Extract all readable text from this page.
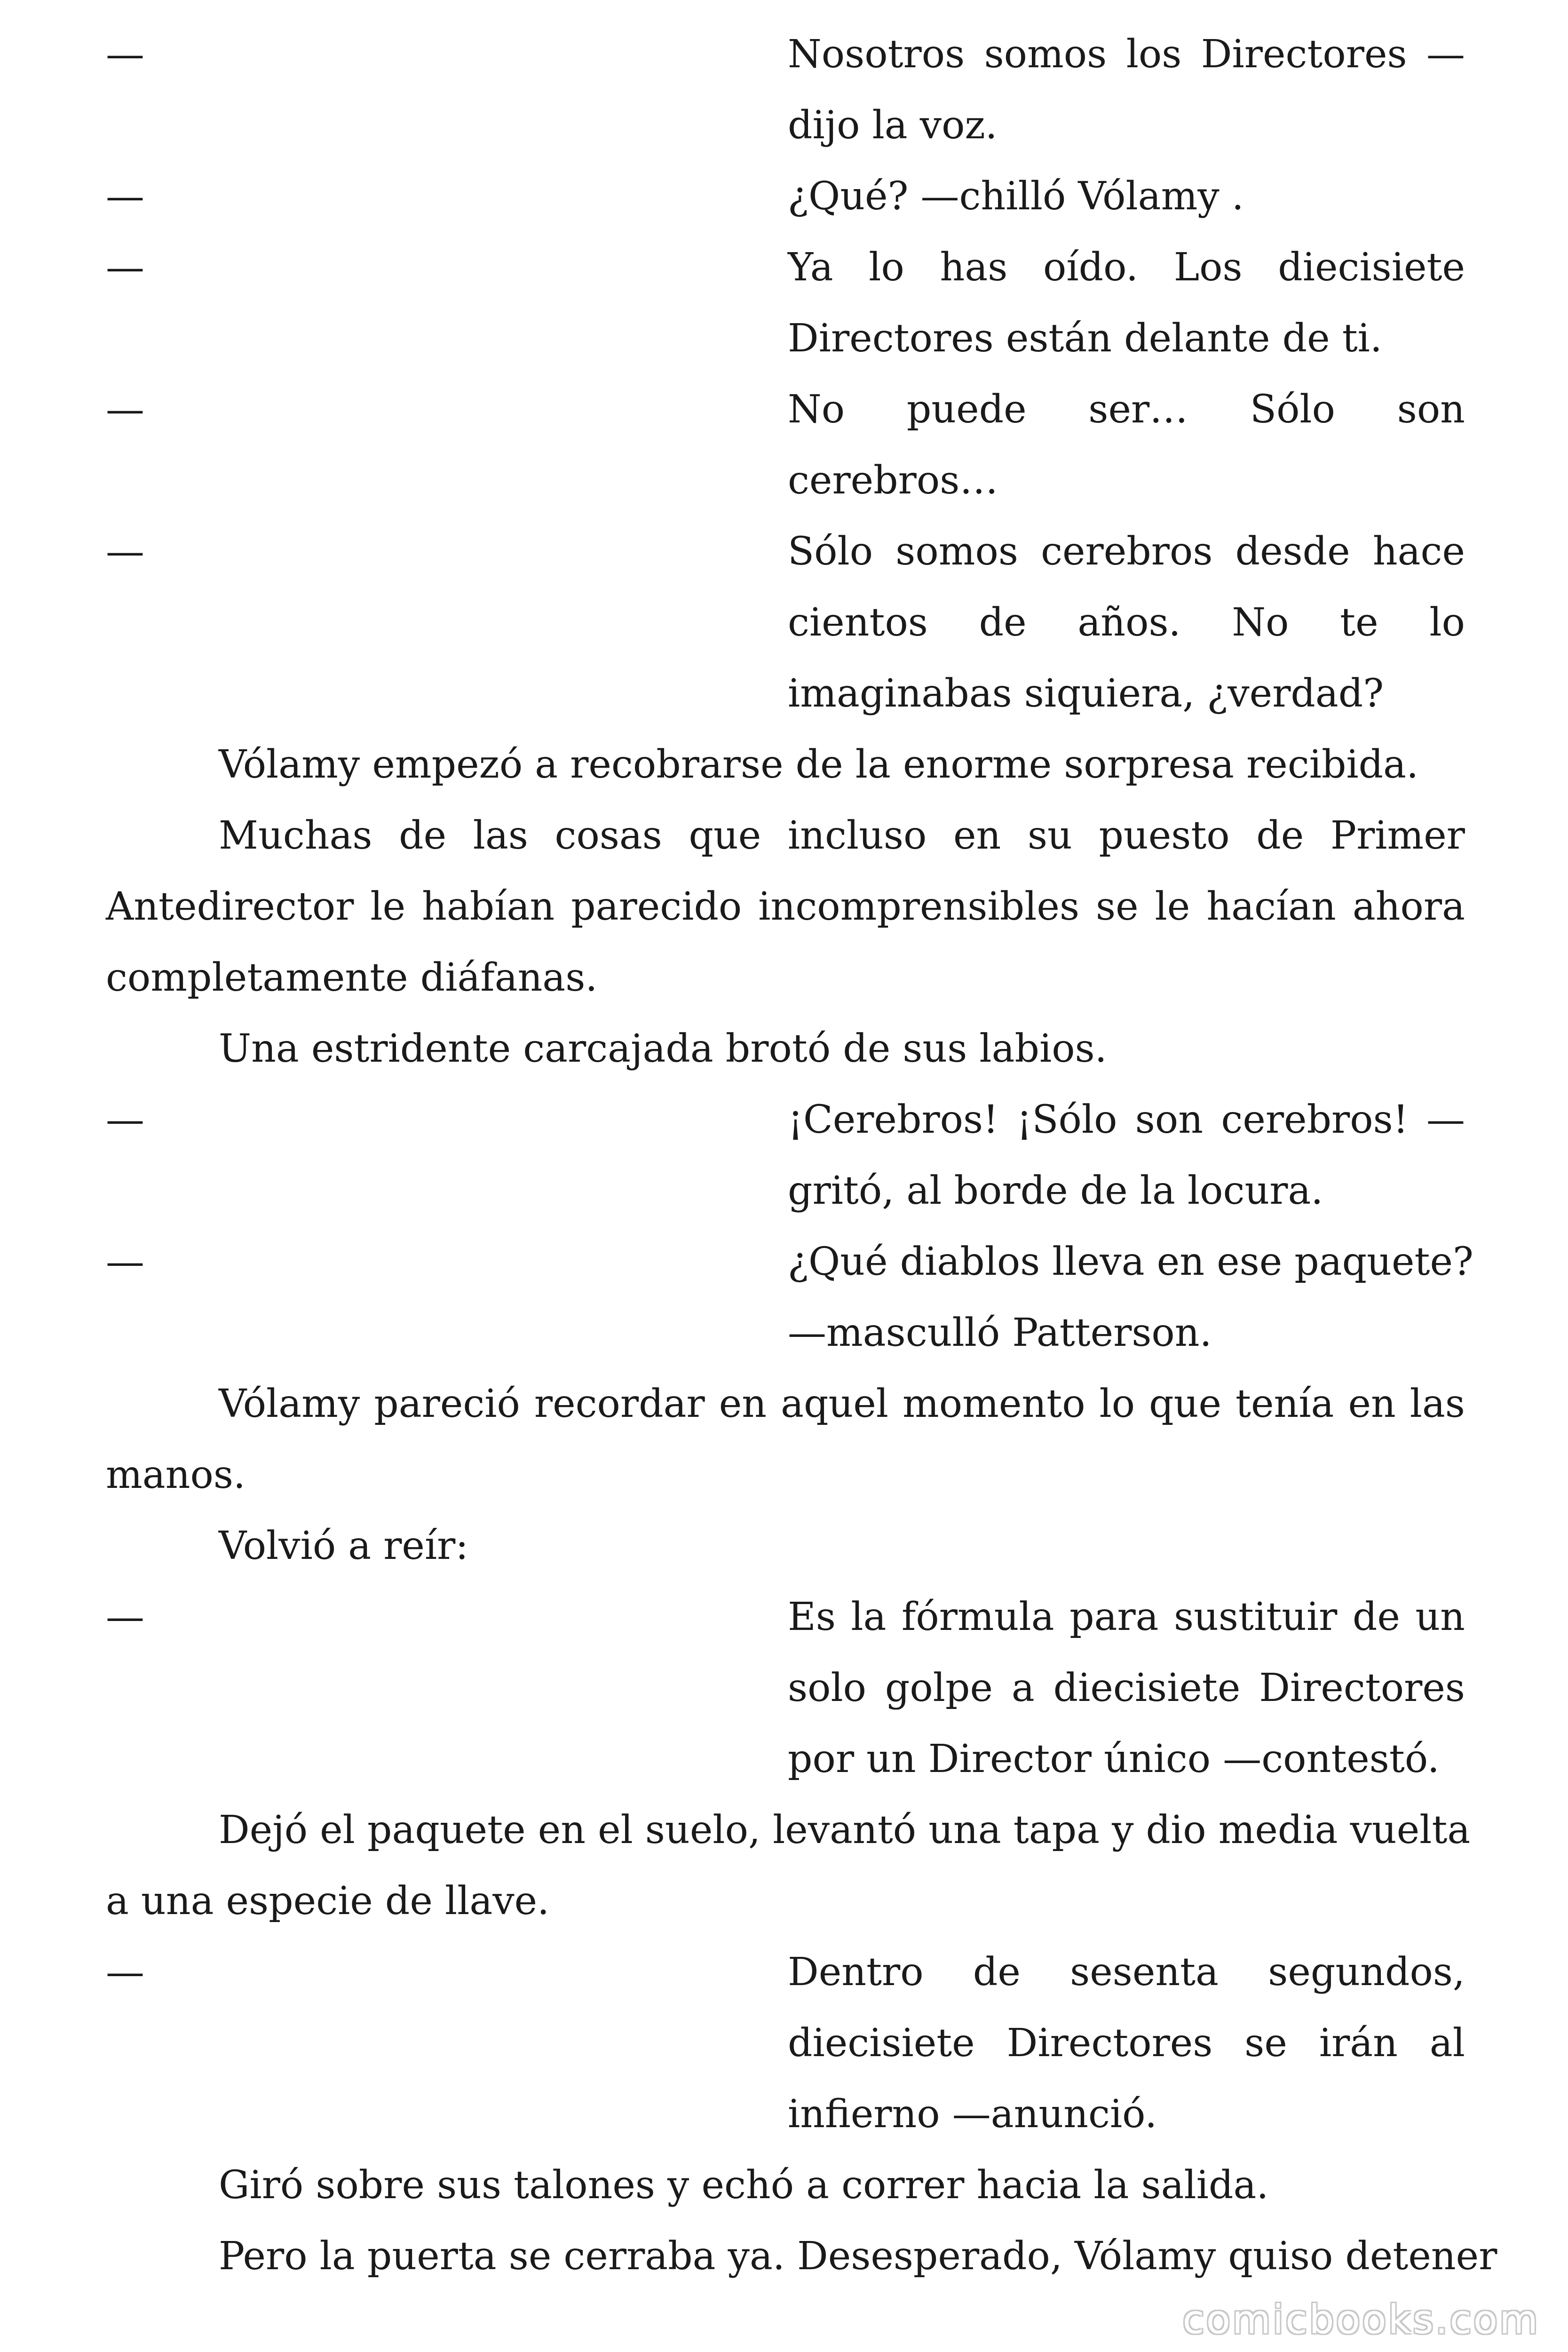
—	Nosotros somos los Directores —
dijo la voz.
—	¿Qué? —chilló Vólamy .
—	Ya lo has oído. Los diecisiete
Directores están delante de ti.
—	No puede ser… Sólo son
cerebros…
—	Sólo somos cerebros desde hace
cientos de años. No te lo
imaginabas siquiera, ¿verdad?
Vólamy empezó a recobrarse de la enorme sorpresa recibida.
Muchas de las cosas que incluso en su puesto de Primer
Antedirector le habían parecido incomprensibles se le hacían ahora
completamente diáfanas.
Una estridente carcajada brotó de sus labios.
—	¡Cerebros! ¡Sólo son cerebros! —
gritó, al borde de la locura.
—	¿Qué diablos lleva en ese paquete?
—masculló Patterson.
Vólamy pareció recordar en aquel momento lo que tenía en las
manos.
Volvió a reír:
—	Es la fórmula para sustituir de un
solo golpe a diecisiete Directores
por un Director único —contestó.
Dejó el paquete en el suelo, levantó una tapa y dio media vuelta
a una especie de llave.
—	Dentro de sesenta segundos,
diecisiete Directores se irán al
infierno —anunció.
Giró sobre sus talones y echó a correr hacia la salida.
Pero la puerta se cerraba ya. Desesperado, Vólamy quiso detener
comicbooks.com
